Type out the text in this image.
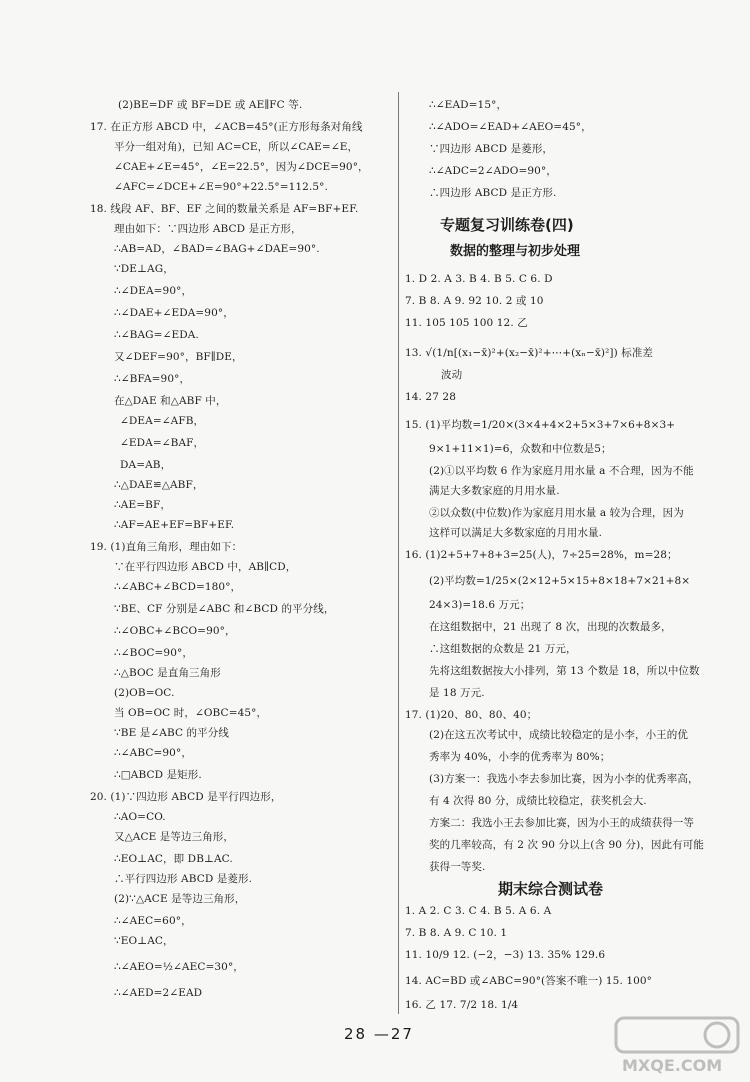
(2)BE=DF 或 BF=DE 或 AE∥FC 等.
17. 在正方形 ABCD 中，∠ACB=45°(正方形每条对角线
平分一组对角)，已知 AC=CE，所以∠CAE=∠E，
∠CAE+∠E=45°，∠E=22.5°，因为∠DCE=90°，
∠AFC=∠DCE+∠E=90°+22.5°=112.5°.
18. 线段 AF、BF、EF 之间的数量关系是 AF=BF+EF.
理由如下：∵四边形 ABCD 是正方形，
∴AB=AD，∠BAD=∠BAG+∠DAE=90°.
∵DE⊥AG，
∴∠DEA=90°，
∴∠DAE+∠EDA=90°，
∴∠BAG=∠EDA.
又∠DEF=90°，BF∥DE，
∴∠BFA=90°，
在△DAE 和△ABF 中，
∠DEA=∠AFB，
∠EDA=∠BAF，
DA=AB，
∴△DAE≌△ABF，
∴AE=BF，
∴AF=AE+EF=BF+EF.
19. (1)直角三角形，理由如下：
∵在平行四边形 ABCD 中，AB∥CD，
∴∠ABC+∠BCD=180°，
∵BE、CF 分别是∠ABC 和∠BCD 的平分线，
∴∠OBC+∠BCO=90°，
∴∠BOC=90°，
∴△BOC 是直角三角形
(2)OB=OC.
当 OB=OC 时，∠OBC=45°，
∵BE 是∠ABC 的平分线
∴∠ABC=90°，
∴□ABCD 是矩形.
20. (1)∵四边形 ABCD 是平行四边形，
∴AO=CO.
又△ACE 是等边三角形，
∴EO⊥AC，即 DB⊥AC.
∴平行四边形 ABCD 是菱形.
(2)∵△ACE 是等边三角形，
∴∠AEC=60°，
∵EO⊥AC，
∴∠AEO=½∠AEC=30°，
∴∠AED=2∠EAD
∴∠EAD=15°，
∴∠ADO=∠EAD+∠AEO=45°，
∵四边形 ABCD 是菱形，
∴∠ADC=2∠ADO=90°，
∴四边形 ABCD 是正方形.
1. D 2. A 3. B 4. B 5. C 6. D
7. B 8. A 9. 92 10. 2 或 10
11. 105 105 100 12. 乙
13. √(1/n[(x₁−x̄)²+(x₂−x̄)²+⋯+(xₙ−x̄)²]) 标准差
波动
14. 27 28
15. (1)平均数=1/20×(3×4+4×2+5×3+7×6+8×3+
9×1+11×1)=6，众数和中位数是5；
(2)①以平均数 6 作为家庭月用水量 a 不合理，因为不能
满足大多数家庭的月用水量.
②以众数(中位数)作为家庭月用水量 a 较为合理，因为
这样可以满足大多数家庭的月用水量.
16. (1)2+5+7+8+3=25(人)，7÷25=28%，m=28；
(2)平均数=1/25×(2×12+5×15+8×18+7×21+8×
24×3)=18.6 万元；
在这组数据中，21 出现了 8 次，出现的次数最多，
∴这组数据的众数是 21 万元，
先将这组数据按大小排列，第 13 个数是 18，所以中位数
是 18 万元.
17. (1)20、80、80、40；
(2)在这五次考试中，成绩比较稳定的是小李，小王的优
秀率为 40%，小李的优秀率为 80%；
(3)方案一：我选小李去参加比赛，因为小李的优秀率高，
有 4 次得 80 分，成绩比较稳定，获奖机会大.
方案二：我选小王去参加比赛，因为小王的成绩获得一等
奖的几率较高，有 2 次 90 分以上(含 90 分)，因此有可能
获得一等奖.
1. A 2. C 3. C 4. B 5. A 6. A
7. B 8. A 9. C 10. 1
11. 10/9 12. (−2，−3) 13. 35% 129.6
14. AC=BD 或∠ABC=90°(答案不唯一) 15. 100°
16. 乙 17. 7/2 18. 1/4
专题复习训练卷(四)
数据的整理与初步处理
期末综合测试卷
28 —27
MXQE.COM
